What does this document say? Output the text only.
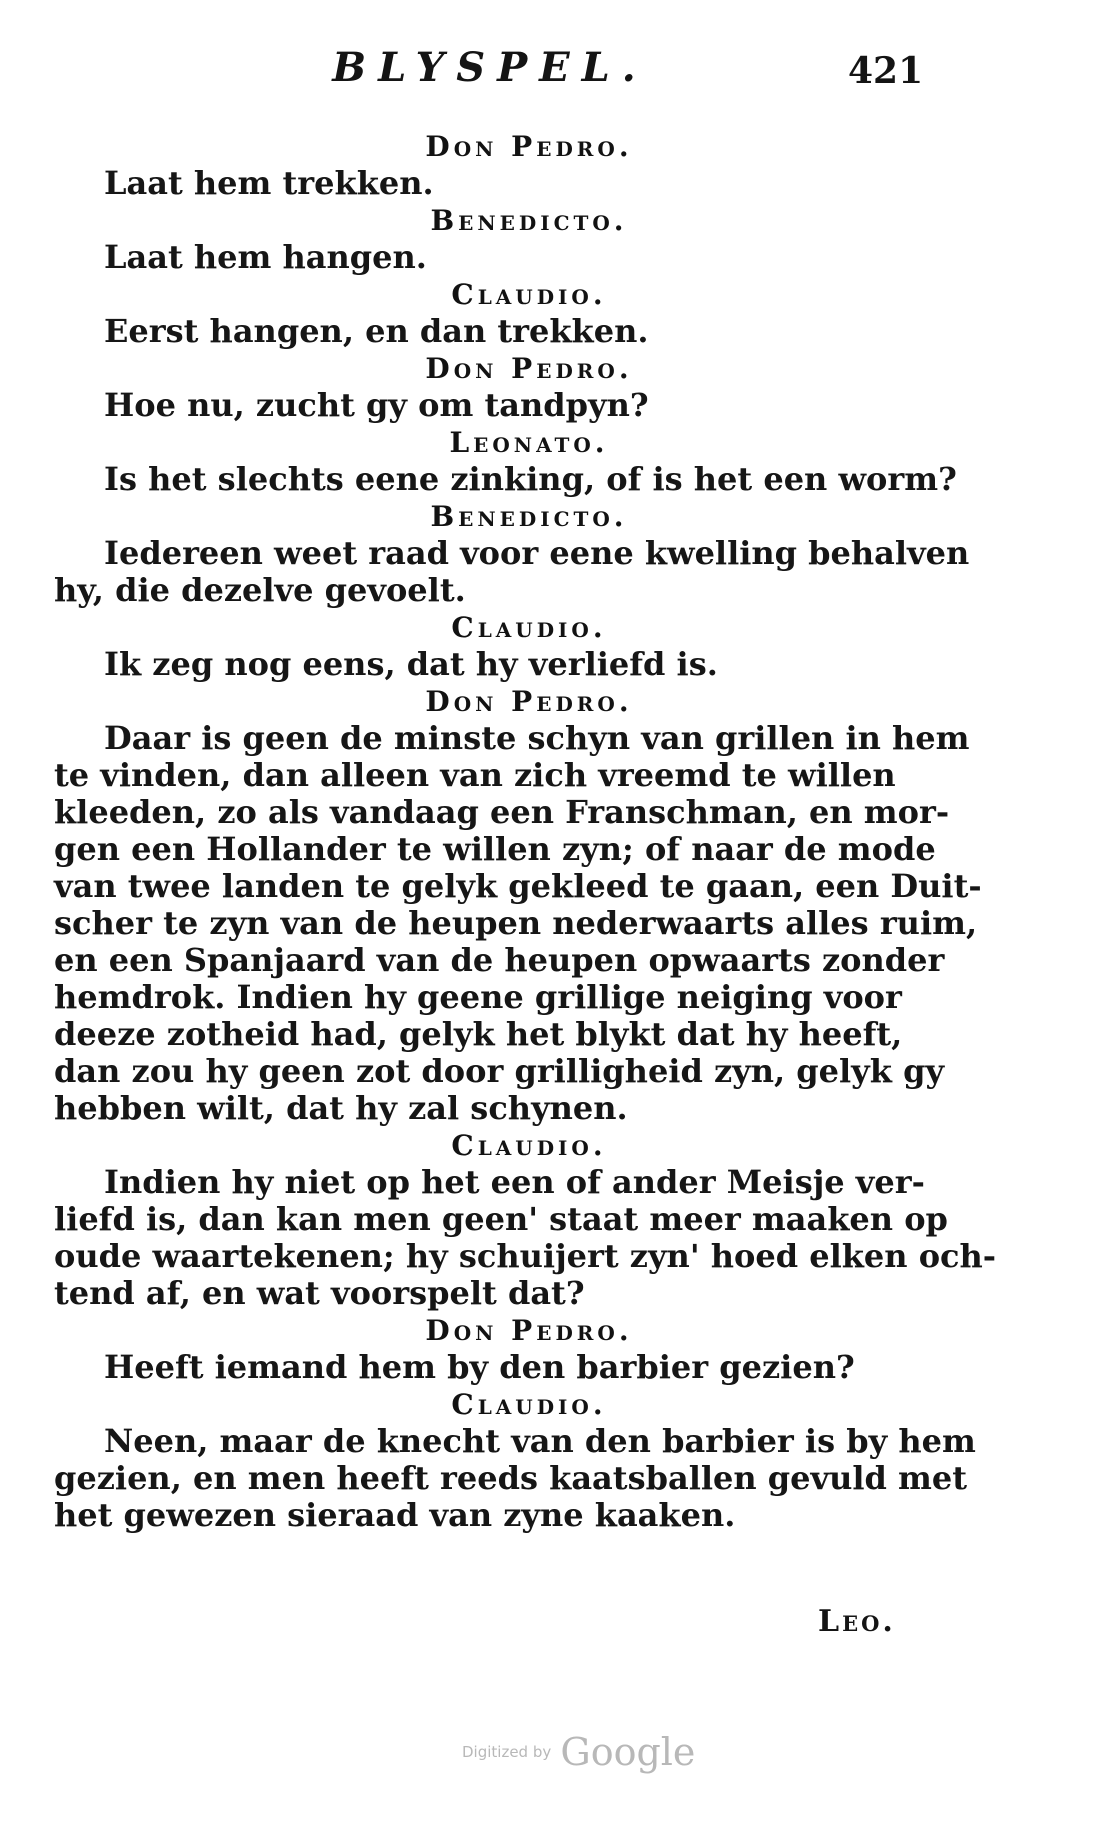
BLYSPEL.	421
Don Pedro.
Laat hem trekken.
Benedicto.
Laat hem hangen.
Claudio.
Eerst hangen, en dan trekken.
Don Pedro.
Hoe nu, zucht gy om tandpyn?
Leonato.
Is het slechts eene zinking, of is het een worm?
Benedicto.
Iedereen weet raad voor eene kwelling behalven
hy, die dezelve gevoelt.
Claudio.
Ik zeg nog eens, dat hy verliefd is.
Don Pedro.
Daar is geen de minste schyn van grillen in hem
te vinden, dan alleen van zich vreemd te willen
kleeden, zo als vandaag een Franschman, en mor-
gen een Hollander te willen zyn; of naar de mode
van twee landen te gelyk gekleed te gaan, een Duit-
scher te zyn van de heupen nederwaarts alles ruim,
en een Spanjaard van de heupen opwaarts zonder
hemdrok. Indien hy geene grillige neiging voor
deeze zotheid had, gelyk het blykt dat hy heeft,
dan zou hy geen zot door grilligheid zyn, gelyk gy
hebben wilt, dat hy zal schynen.
Claudio.
Indien hy niet op het een of ander Meisje ver-
liefd is, dan kan men geen' staat meer maaken op
oude waartekenen; hy schuijert zyn' hoed elken och-
tend af, en wat voorspelt dat?
Don Pedro.
Heeft iemand hem by den barbier gezien?
Claudio.
Neen, maar de knecht van den barbier is by hem
gezien, en men heeft reeds kaatsballen gevuld met
het gewezen sieraad van zyne kaaken.
Leo.
Digitized by Google
